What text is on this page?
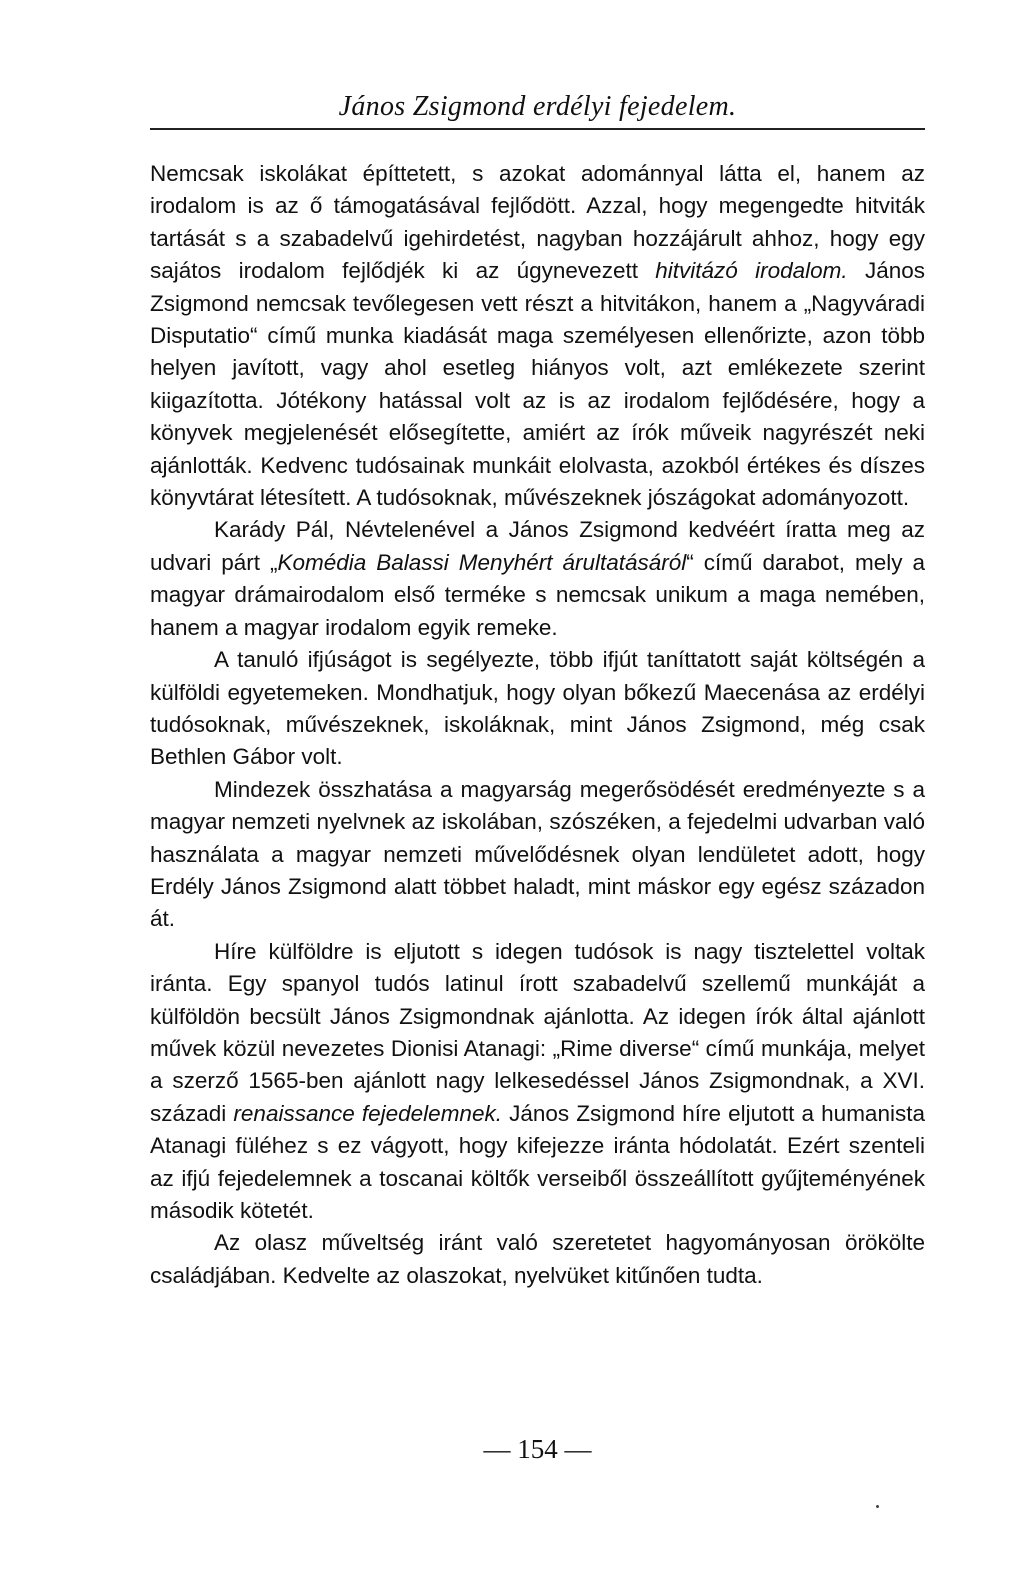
János Zsigmond erdélyi fejedelem.

Nemcsak iskolákat építtetett, s azokat adománnyal látta el, hanem az irodalom is az ő támogatásával fejlődött. Azzal, hogy megengedte hitviták tartását s a szabadelvű igehirdetést, nagyban hozzájárult ahhoz, hogy egy sajátos irodalom fejlődjék ki az úgynevezett hitvitázó irodalom. János Zsigmond nemcsak tevőlegesen vett részt a hitvitákon, hanem a „Nagyváradi Disputatio“ című munka kiadását maga személyesen ellenőrizte, azon több helyen javított, vagy ahol esetleg hiányos volt, azt emlékezete szerint kiigazította. Jótékony hatással volt az is az irodalom fejlődésére, hogy a könyvek megjelenését elősegítette, amiért az írók műveik nagyrészét neki ajánlották. Kedvenc tudósainak munkáit elolvasta, azokból értékes és díszes könyvtárat létesített. A tudósoknak, művészeknek jószágokat adományozott.

Karády Pál, Névtelenével a János Zsigmond kedvéért íratta meg az udvari párt „Komédia Balassi Menyhért árultatásáról“ című darabot, mely a magyar drámairodalom első terméke s nemcsak unikum a maga nemében, hanem a magyar irodalom egyik remeke.

A tanuló ifjúságot is segélyezte, több ifjút taníttatott saját költségén a külföldi egyetemeken. Mondhatjuk, hogy olyan bőkezű Maecenása az erdélyi tudósoknak, művészeknek, iskoláknak, mint János Zsigmond, még csak Bethlen Gábor volt.

Mindezek összhatása a magyarság megerősödését eredményezte s a magyar nemzeti nyelvnek az iskolában, szószéken, a fejedelmi udvarban való használata a magyar nemzeti művelődésnek olyan lendületet adott, hogy Erdély János Zsigmond alatt többet haladt, mint máskor egy egész századon át.

Híre külföldre is eljutott s idegen tudósok is nagy tisztelettel voltak iránta. Egy spanyol tudós latinul írott szabadelvű szellemű munkáját a külföldön becsült János Zsigmondnak ajánlotta. Az idegen írók által ajánlott művek közül nevezetes Dionisi Atanagi: „Rime diverse“ című munkája, melyet a szerző 1565-ben ajánlott nagy lelkesedéssel János Zsigmondnak, a XVI. századi renaissance fejedelemnek. János Zsigmond híre eljutott a humanista Atanagi füléhez s ez vágyott, hogy kifejezze iránta hódolatát. Ezért szenteli az ifjú fejedelemnek a toscanai költők verseiből összeállított gyűjteményének második kötetét.

Az olasz műveltség iránt való szeretetet hagyományosan örökölte családjában. Kedvelte az olaszokat, nyelvüket kitűnően tudta.

— 154 —
